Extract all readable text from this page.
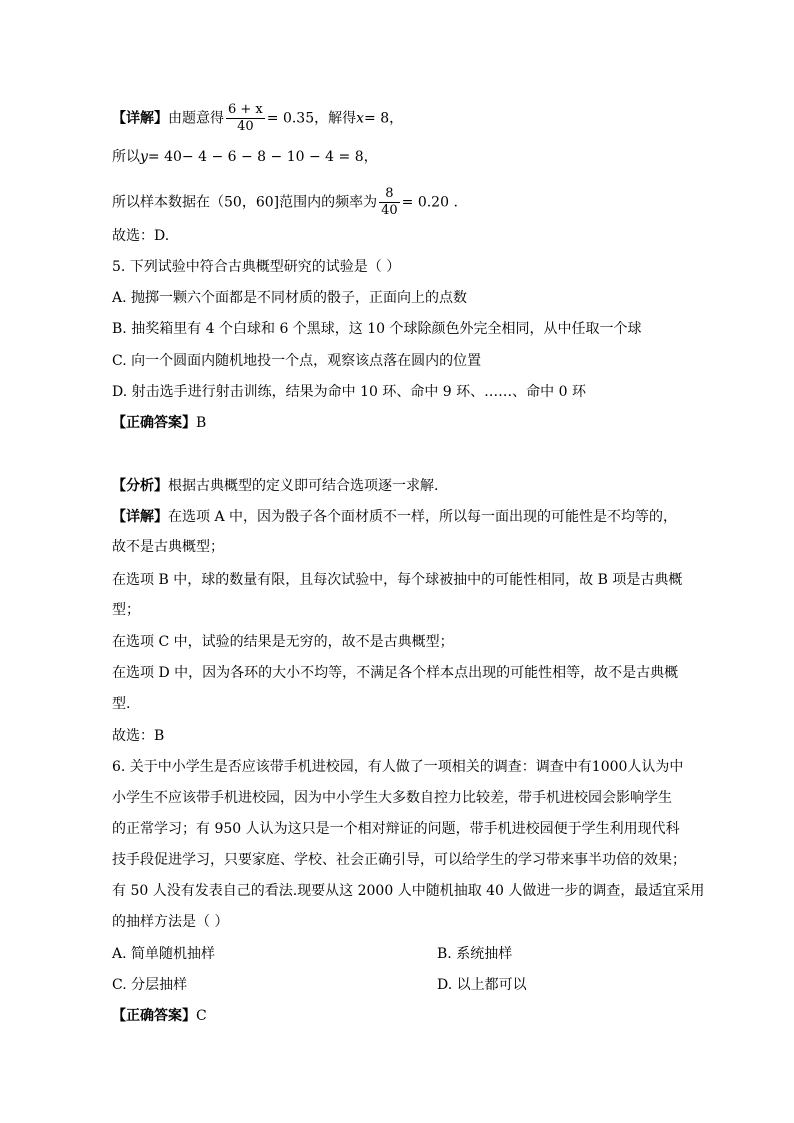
【详解】由题意得 $\frac{6 + x}{40} = 0.35$，解得x= 8，
所以y= 40− 4 − 6 − 8 − 10 − 4 = 8，
所以样本数据在（50，60]范围内的频率为 $\frac{8}{40} = 0.20$ .
故选：D.
5. 下列试验中符合古典概型研究的试验是（ ）
A. 抛掷一颗六个面都是不同材质的骰子，正面向上的点数
B. 抽奖箱里有 4 个白球和 6 个黑球，这 10 个球除颜色外完全相同，从中任取一个球
C. 向一个圆面内随机地投一个点，观察该点落在圆内的位置
D. 射击选手进行射击训练，结果为命中 10 环、命中 9 环、……、命中 0 环
【正确答案】B
【分析】根据古典概型的定义即可结合选项逐一求解.
【详解】在选项 A 中，因为骰子各个面材质不一样，所以每一面出现的可能性是不均等的，
故不是古典概型；
在选项 B 中，球的数量有限，且每次试验中，每个球被抽中的可能性相同，故 B 项是古典概
型；
在选项 C 中，试验的结果是无穷的，故不是古典概型；
在选项 D 中，因为各环的大小不均等，不满足各个样本点出现的可能性相等，故不是古典概
型.
故选：B
6. 关于中小学生是否应该带手机进校园，有人做了一项相关的调查：调查中有1000人认为中
小学生不应该带手机进校园，因为中小学生大多数自控力比较差，带手机进校园会影响学生
的正常学习；有 950 人认为这只是一个相对辩证的问题，带手机进校园便于学生利用现代科
技手段促进学习，只要家庭、学校、社会正确引导，可以给学生的学习带来事半功倍的效果；
有 50 人没有发表自己的看法.现要从这 2000 人中随机抽取 40 人做进一步的调查，最适宜采用
的抽样方法是（ ）
A. 简单随机抽样	B. 系统抽样
C. 分层抽样	D. 以上都可以
【正确答案】C
